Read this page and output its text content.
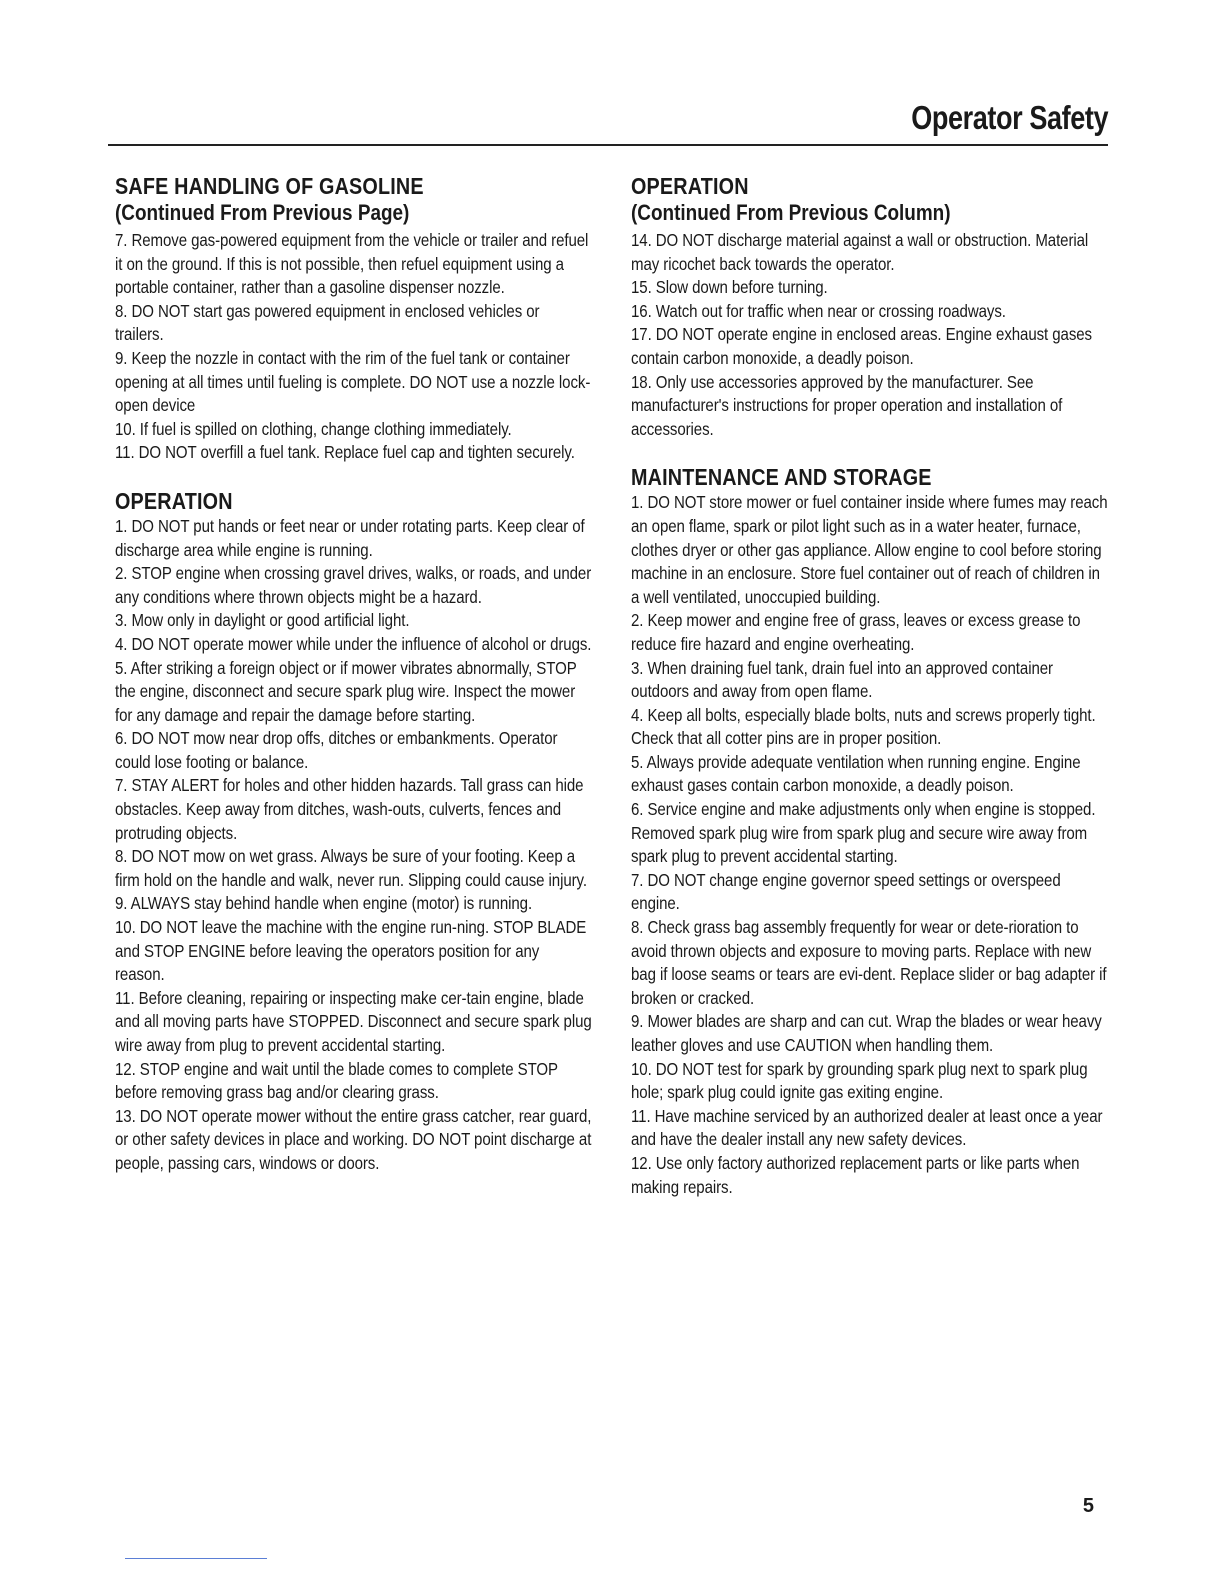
Operator Safety
SAFE HANDLING OF GASOLINE
(Continued From Previous Page)
7. Remove gas-powered equipment from the vehicle or trailer and refuel it on the ground. If this is not possible, then refuel equipment using a portable container, rather than a gasoline dispenser nozzle.
8. DO NOT start gas powered equipment in enclosed vehicles or trailers.
9. Keep the nozzle in contact with the rim of the fuel tank or container opening at all times until fueling is complete. DO NOT use a nozzle lock-open device
10. If fuel is spilled on clothing, change clothing immediately.
11. DO NOT overfill a fuel tank. Replace fuel cap and tighten securely.
OPERATION
1. DO NOT put hands or feet near or under rotating parts. Keep clear of discharge area while engine is running.
2. STOP engine when crossing gravel drives, walks, or roads, and under any conditions where thrown objects might be a hazard.
3. Mow only in daylight or good artificial light.
4. DO NOT operate mower while under the influence of alcohol or drugs.
5. After striking a foreign object or if mower vibrates abnormally, STOP the engine, disconnect and secure spark plug wire. Inspect the mower for any damage and repair the damage before starting.
6. DO NOT mow near drop offs, ditches or embankments. Operator could lose footing or balance.
7. STAY ALERT for holes and other hidden hazards. Tall grass can hide obstacles. Keep away from ditches, wash-outs, culverts, fences and protruding objects.
8. DO NOT mow on wet grass. Always be sure of your footing. Keep a firm hold on the handle and walk, never run. Slipping could cause injury.
9. ALWAYS stay behind handle when engine (motor) is running.
10. DO NOT leave the machine with the engine run-ning. STOP BLADE and STOP ENGINE before leaving the operators position for any reason.
11. Before cleaning, repairing or inspecting make cer-tain engine, blade and all moving parts have STOPPED. Disconnect and secure spark plug wire away from plug to prevent accidental starting.
12. STOP engine and wait until the blade comes to complete STOP before removing grass bag and/or clearing grass.
13. DO NOT operate mower without the entire grass catcher, rear guard, or other safety devices in place and working. DO NOT point discharge at people, passing cars, windows or doors.
OPERATION
(Continued From Previous Column)
14. DO NOT discharge material against a wall or obstruction. Material may ricochet back towards the operator.
15. Slow down before turning.
16. Watch out for traffic when near or crossing roadways.
17. DO NOT operate engine in enclosed areas. Engine exhaust gases contain carbon monoxide, a deadly poison.
18. Only use accessories approved by the manufacturer. See manufacturer's instructions for proper operation and installation of accessories.
MAINTENANCE AND STORAGE
1. DO NOT store mower or fuel container inside where fumes may reach an open flame, spark or pilot light such as in a water heater, furnace, clothes dryer or other gas appliance. Allow engine to cool before storing machine in an enclosure. Store fuel container out of reach of children in a well ventilated, unoccupied building.
2. Keep mower and engine free of grass, leaves or excess grease to reduce fire hazard and engine overheating.
3. When draining fuel tank, drain fuel into an approved container outdoors and away from open flame.
4. Keep all bolts, especially blade bolts, nuts and screws properly tight. Check that all cotter pins are in proper position.
5. Always provide adequate ventilation when running engine. Engine exhaust gases contain carbon monoxide, a deadly poison.
6. Service engine and make adjustments only when engine is stopped. Removed spark plug wire from spark plug and secure wire away from spark plug to prevent accidental starting.
7. DO NOT change engine governor speed settings or overspeed engine.
8. Check grass bag assembly frequently for wear or dete-rioration to avoid thrown objects and exposure to moving parts. Replace with new bag if loose seams or tears are evi-dent. Replace slider or bag adapter if broken or cracked.
9. Mower blades are sharp and can cut. Wrap the blades or wear heavy leather gloves and use CAUTION when handling them.
10. DO NOT test for spark by grounding spark plug next to spark plug hole; spark plug could ignite gas exiting engine.
11. Have machine serviced by an authorized dealer at least once a year and have the dealer install any new safety devices.
12. Use only factory authorized replacement parts or like parts when making repairs.
5
